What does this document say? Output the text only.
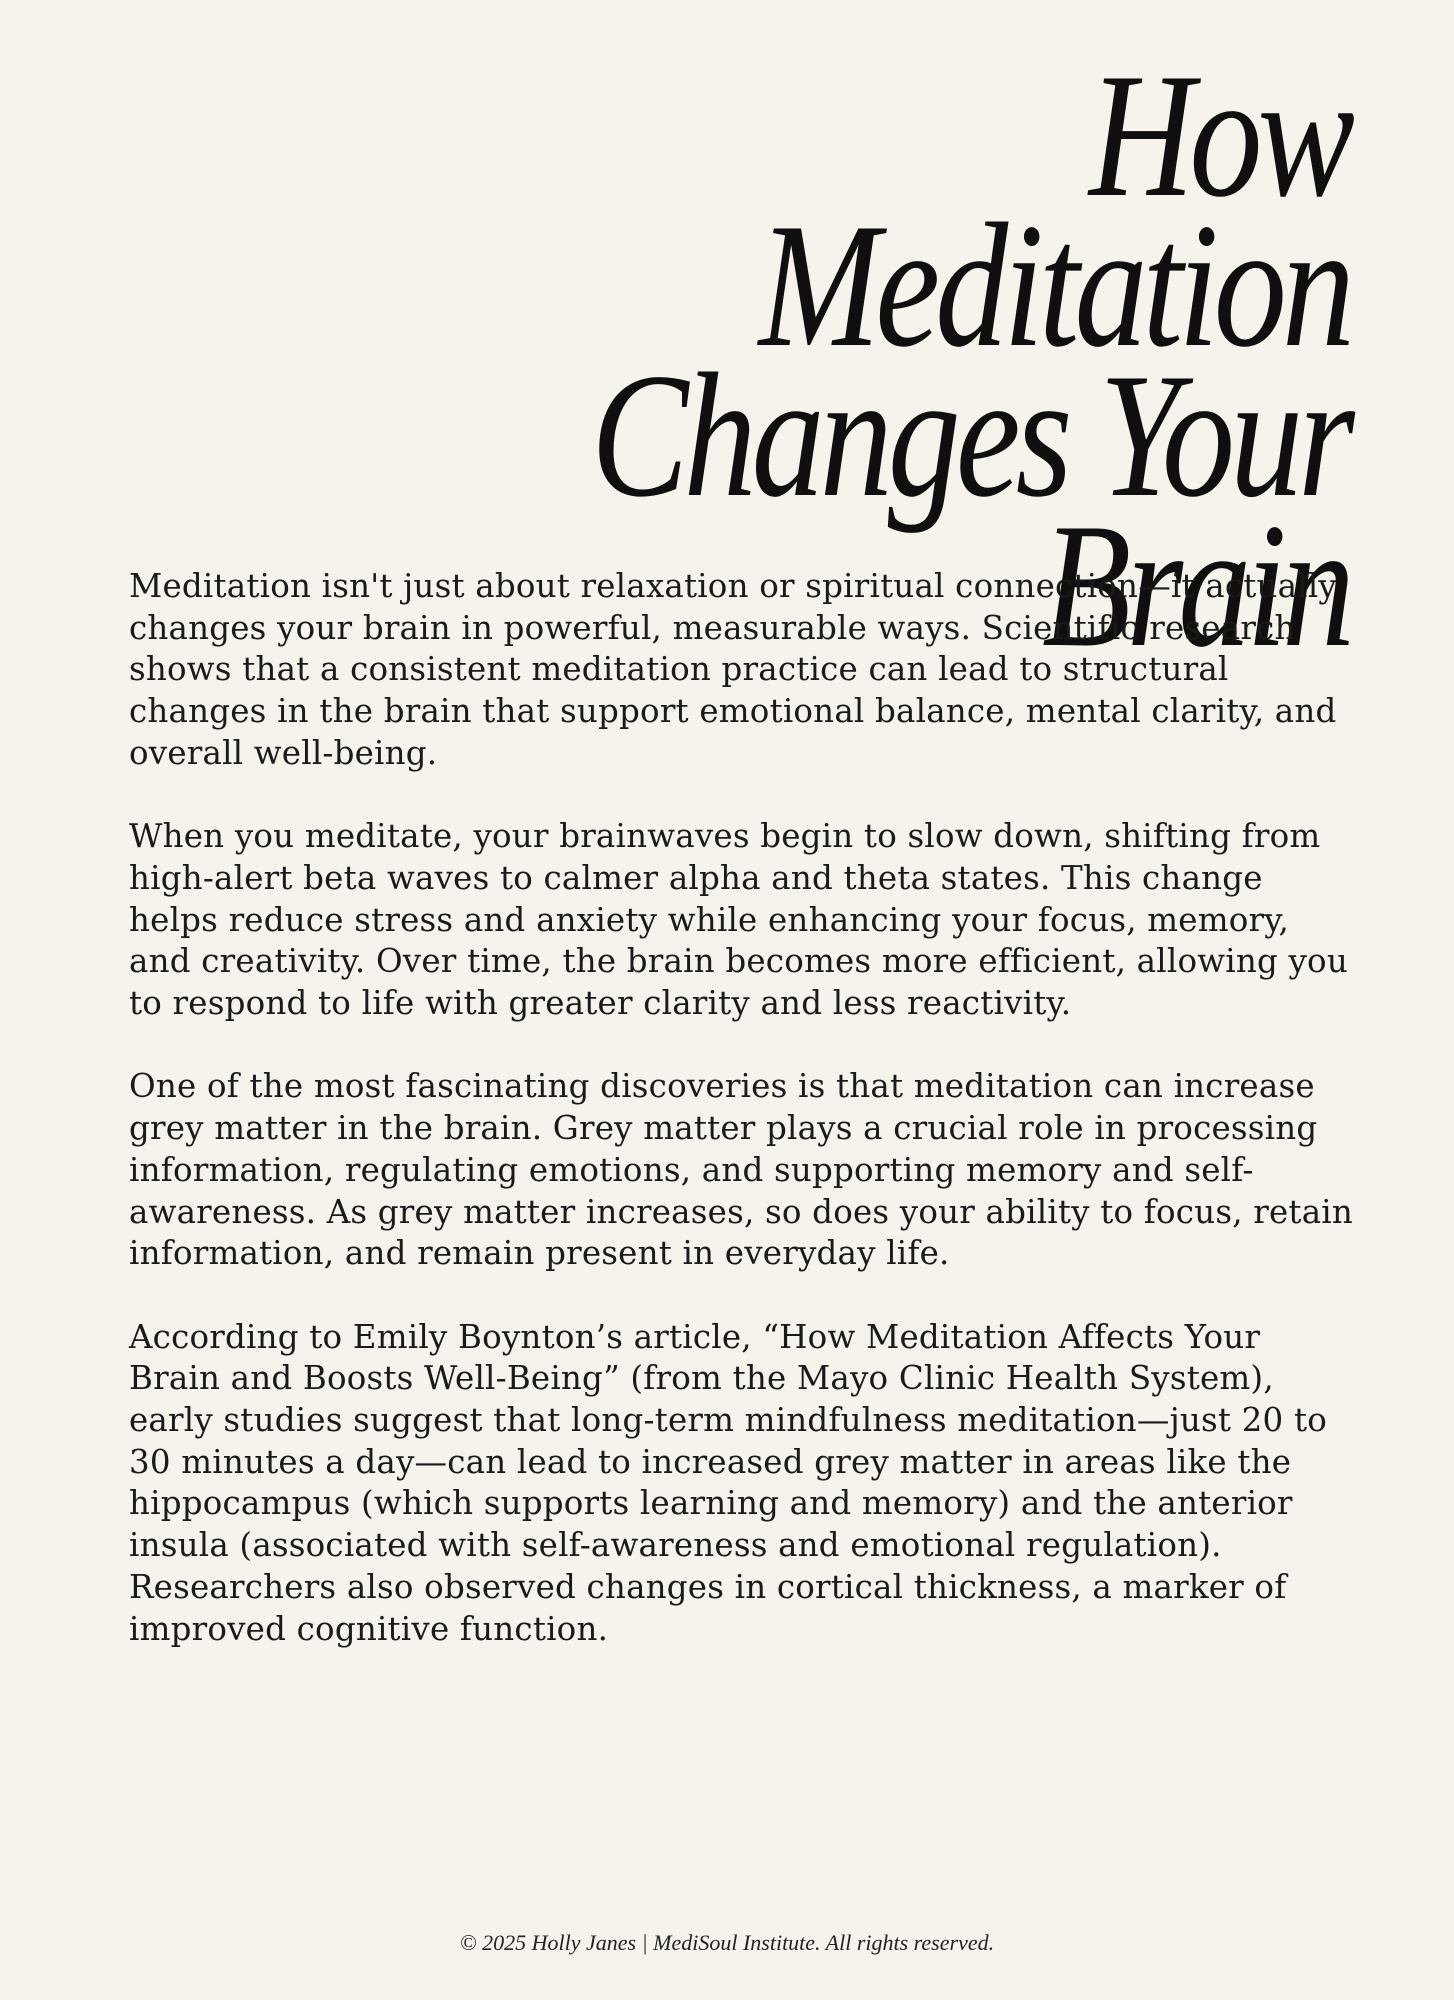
How Meditation
Changes Your
Brain

Meditation isn't just about relaxation or spiritual connection—it actually changes your brain in powerful, measurable ways. Scientific research shows that a consistent meditation practice can lead to structural changes in the brain that support emotional balance, mental clarity, and overall well-being.

When you meditate, your brainwaves begin to slow down, shifting from high-alert beta waves to calmer alpha and theta states. This change helps reduce stress and anxiety while enhancing your focus, memory, and creativity. Over time, the brain becomes more efficient, allowing you to respond to life with greater clarity and less reactivity.

One of the most fascinating discoveries is that meditation can increase grey matter in the brain. Grey matter plays a crucial role in processing information, regulating emotions, and supporting memory and self-awareness. As grey matter increases, so does your ability to focus, retain information, and remain present in everyday life.

According to Emily Boynton’s article, “How Meditation Affects Your Brain and Boosts Well-Being” (from the Mayo Clinic Health System), early studies suggest that long-term mindfulness meditation—just 20 to 30 minutes a day—can lead to increased grey matter in areas like the hippocampus (which supports learning and memory) and the anterior insula (associated with self-awareness and emotional regulation). Researchers also observed changes in cortical thickness, a marker of improved cognitive function.

© 2025 Holly Janes | MediSoul Institute. All rights reserved.
